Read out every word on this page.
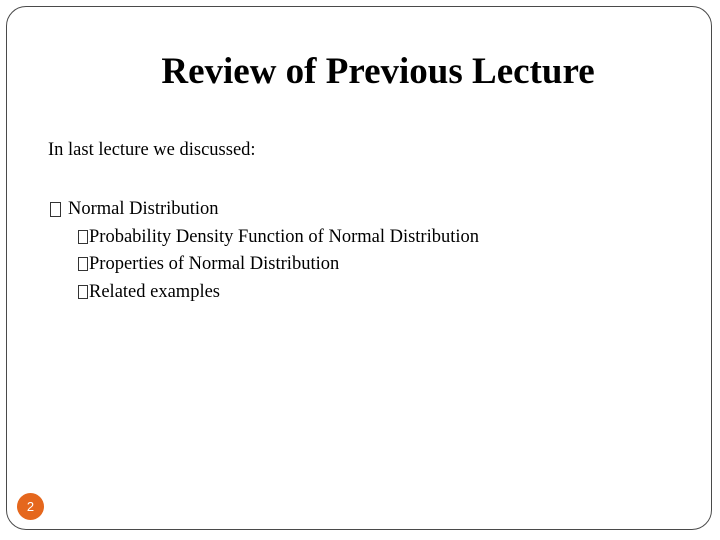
Review of Previous Lecture
In last lecture we discussed:
Normal Distribution
Probability Density Function of Normal Distribution
Properties of Normal Distribution
Related examples
2
